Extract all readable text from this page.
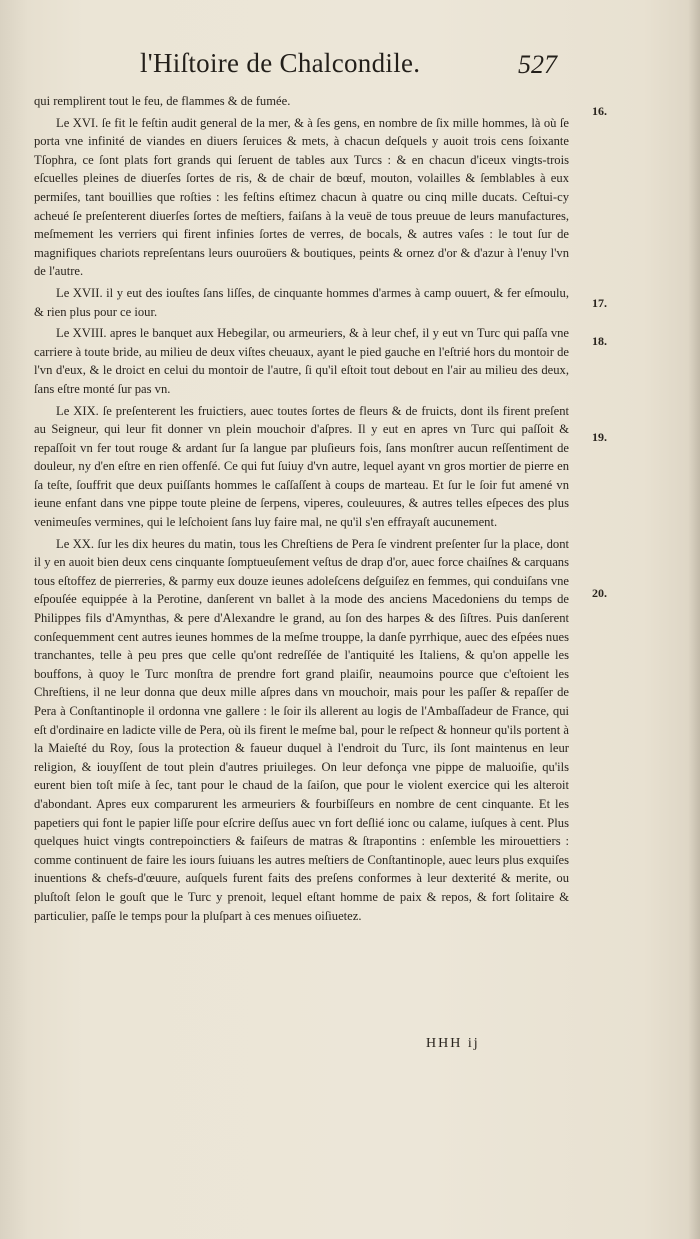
l'Hiſtoire de Chalcondile.	527
16.
17.
18.
19.
20.

qui remplirent tout le feu, de flammes & de fumée.

Le XVI. ſe fit le feſtin audit general de la mer, & à ſes gens, en nombre de ſix mille hommes, là où ſe porta vne infinité de viandes en diuers ſeruices & mets, à chacun deſquels y auoit trois cens ſoixante Tſophra, ce ſont plats fort grands qui ſeruent de tables aux Turcs : & en chacun d'iceux vingts-trois eſcuelles pleines de diuerſes ſortes de ris, & de chair de bœuf, mouton, volailles & ſemblables à eux permiſes, tant bouillies que roſties : les feſtins eſtimez chacun à quatre ou cinq mille ducats. Ceſtui-cy acheué ſe preſenterent diuerſes ſortes de meſtiers, faiſans à la veuë de tous preuue de leurs manufactures, meſmement les verriers qui firent infinies ſortes de verres, de bocals, & autres vaſes : le tout ſur de magnifiques chariots repreſentans leurs ouuroüers & boutiques, peints & ornez d'or & d'azur à l'enuy l'vn de l'autre.

Le XVII. il y eut des iouſtes ſans liſſes, de cinquante hommes d'armes à camp ouuert, & fer eſmoulu, & rien plus pour ce iour.

Le XVIII. apres le banquet aux Hebegilar, ou armeuriers, & à leur chef, il y eut vn Turc qui paſſa vne carriere à toute bride, au milieu de deux viſtes cheuaux, ayant le pied gauche en l'eſtrié hors du montoir de l'vn d'eux, & le droict en celui du montoir de l'autre, ſi qu'il eſtoit tout debout en l'air au milieu des deux, ſans eſtre monté ſur pas vn.

Le XIX. ſe preſenterent les fruictiers, auec toutes ſortes de fleurs & de fruicts, dont ils firent preſent au Seigneur, qui leur fit donner vn plein mouchoir d'aſpres. Il y eut en apres vn Turc qui paſſoit & repaſſoit vn fer tout rouge & ardant ſur ſa langue par pluſieurs fois, ſans monſtrer aucun reſſentiment de douleur, ny d'en eſtre en rien offenſé. Ce qui fut ſuiuy d'vn autre, lequel ayant vn gros mortier de pierre en ſa teſte, ſouffrit que deux puiſſants hommes le caſſaſſent à coups de marteau. Et ſur le ſoir fut amené vn ieune enfant dans vne pippe toute pleine de ſerpens, viperes, couleuures, & autres telles eſpeces des plus venimeuſes vermines, qui le leſchoient ſans luy faire mal, ne qu'il s'en effrayaſt aucunement.

Le XX. ſur les dix heures du matin, tous les Chreſtiens de Pera ſe vindrent preſenter ſur la place, dont il y en auoit bien deux cens cinquante ſomptueuſement veſtus de drap d'or, auec force chaiſnes & carquans tous eſtoffez de pierreries, & parmy eux douze ieunes adoleſcens deſguiſez en femmes, qui conduiſans vne eſpouſée equippée à la Perotine, danſerent vn ballet à la mode des anciens Macedoniens du temps de Philippes fils d'Amynthas, & pere d'Alexandre le grand, au ſon des harpes & des ſiſtres. Puis danſerent conſequemment cent autres ieunes hommes de la meſme trouppe, la danſe pyrrhique, auec des eſpées nues tranchantes, telle à peu pres que celle qu'ont redreſſée de l'antiquité les Italiens, & qu'on appelle les bouffons, à quoy le Turc monſtra de prendre fort grand plaiſir, neaumoins pource que c'eſtoient les Chreſtiens, il ne leur donna que deux mille aſpres dans vn mouchoir, mais pour les paſſer & repaſſer de Pera à Conſtantinople il ordonna vne gallere : le ſoir ils allerent au logis de l'Ambaſſadeur de France, qui eſt d'ordinaire en ladicte ville de Pera, où ils firent le meſme bal, pour le reſpect & honneur qu'ils portent à la Maieſté du Roy, ſous la protection & faueur duquel à l'endroit du Turc, ils ſont maintenus en leur religion, & iouyſſent de tout plein d'autres priuileges. On leur defonça vne pippe de maluoiſie, qu'ils eurent bien toſt miſe à ſec, tant pour le chaud de la ſaiſon, que pour le violent exercice qui les alteroit d'abondant. Apres eux comparurent les armeuriers & fourbiſſeurs en nombre de cent cinquante. Et les papetiers qui font le papier liſſe pour eſcrire deſſus auec vn fort deſlié ionc ou calame, iuſques à cent. Plus quelques huict vingts contrepoinctiers & faiſeurs de matras & ſtrapontins : enſemble les mirouettiers : comme continuent de faire les iours ſuiuans les autres meſtiers de Conſtantinople, auec leurs plus exquiſes inuentions & chefs-d'œuure, auſquels furent faits des preſens conformes à leur dexterité & merite, ou pluſtoſt ſelon le gouſt que le Turc y prenoit, lequel eſtant homme de paix & repos, & fort ſolitaire & particulier, paſſe le temps pour la pluſpart à ces menues oiſiuetez.

HHH ij
